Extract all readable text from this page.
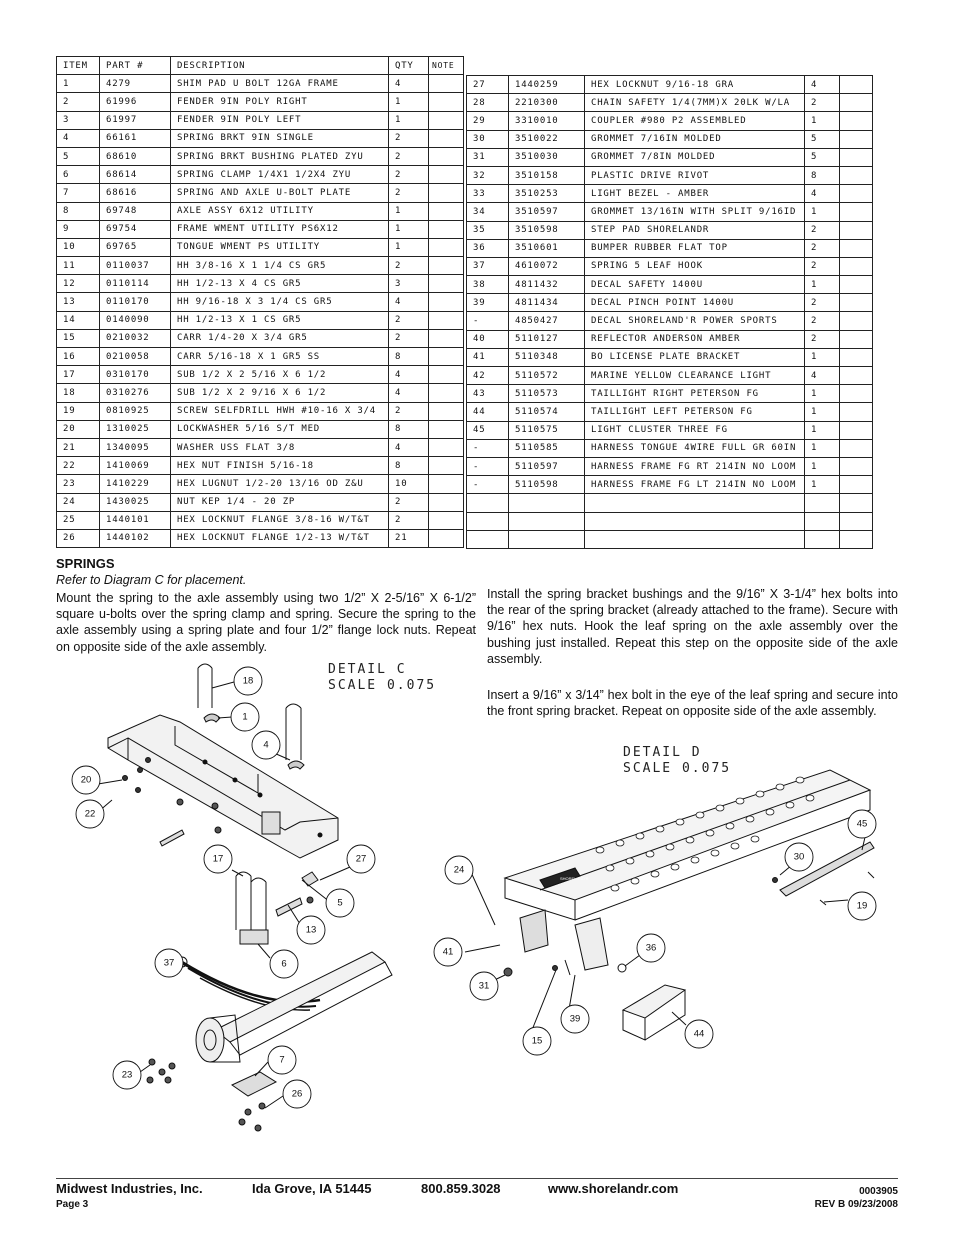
ITEM	PART #	DESCRIPTION	QTY	NOTE
1	4279	SHIM PAD U BOLT 12GA FRAME	4	
2	61996	FENDER 9IN POLY RIGHT	1	
3	61997	FENDER 9IN POLY LEFT	1	
4	66161	SPRING BRKT 9IN SINGLE	2	
5	68610	SPRING BRKT BUSHING PLATED ZYU	2	
6	68614	SPRING CLAMP 1/4X1 1/2X4 ZYU	2	
7	68616	SPRING AND AXLE U-BOLT PLATE	2	
8	69748	AXLE ASSY 6X12 UTILITY	1	
9	69754	FRAME WMENT UTILITY PS6X12	1	
10	69765	TONGUE WMENT PS UTILITY	1	
11	0110037	HH 3/8-16 X 1 1/4 CS GR5	2	
12	0110114	HH 1/2-13 X 4 CS GR5	3	
13	0110170	HH 9/16-18 X 3 1/4 CS GR5	4	
14	0140090	HH 1/2-13 X 1 CS GR5	2	
15	0210032	CARR 1/4-20 X 3/4 GR5	2	
16	0210058	CARR 5/16-18 X 1 GR5 SS	8	
17	0310170	SUB 1/2 X 2 5/16 X 6 1/2	4	
18	0310276	SUB 1/2 X 2 9/16 X 6 1/2	4	
19	0810925	SCREW SELFDRILL HWH #10-16 X 3/4	2	
20	1310025	LOCKWASHER 5/16 S/T MED	8	
21	1340095	WASHER USS FLAT 3/8	4	
22	1410069	HEX NUT FINISH 5/16-18	8	
23	1410229	HEX LUGNUT 1/2-20 13/16 OD Z&U	10	
24	1430025	NUT KEP 1/4 - 20 ZP	2	
25	1440101	HEX LOCKNUT FLANGE 3/8-16 W/T&T	2	
26	1440102	HEX LOCKNUT FLANGE 1/2-13 W/T&T	21	
27	1440259	HEX LOCKNUT 9/16-18 GRA	4	
28	2210300	CHAIN SAFETY 1/4(7MM)X 20LK W/LA	2	
29	3310010	COUPLER #980 P2 ASSEMBLED	1	
30	3510022	GROMMET 7/16IN MOLDED	5	
31	3510030	GROMMET 7/8IN MOLDED	5	
32	3510158	PLASTIC DRIVE RIVOT	8	
33	3510253	LIGHT BEZEL - AMBER	4	
34	3510597	GROMMET 13/16IN WITH SPLIT 9/16ID	1	
35	3510598	STEP PAD SHORELANDR	2	
36	3510601	BUMPER RUBBER FLAT TOP	2	
37	4610072	SPRING 5 LEAF HOOK	2	
38	4811432	DECAL SAFETY 1400U	1	
39	4811434	DECAL PINCH POINT 1400U	2	
-	4850427	DECAL SHORELAND'R POWER SPORTS	2	
40	5110127	REFLECTOR ANDERSON AMBER	2	
41	5110348	BO LICENSE PLATE BRACKET	1	
42	5110572	MARINE YELLOW CLEARANCE LIGHT	4	
43	5110573	TAILLIGHT RIGHT PETERSON FG	1	
44	5110574	TAILLIGHT LEFT PETERSON FG	1	
45	5110575	LIGHT CLUSTER THREE FG	1	
-	5110585	HARNESS TONGUE 4WIRE FULL GR 60IN	1	
-	5110597	HARNESS FRAME FG RT 214IN NO LOOM	1	
-	5110598	HARNESS FRAME FG LT 214IN NO LOOM	1	

SPRINGS
Refer to Diagram C for placement.
Mount the spring to the axle assembly using two 1/2” X 2-5/16” X 6-1/2” square u-bolts over the spring clamp and spring. Secure the spring to the axle assembly using a spring plate and four 1/2” flange lock nuts. Repeat on opposite side of the axle assembly.
Install the spring bracket bushings and the 9/16” X 3-1/4” hex bolts into the rear of the spring bracket (already attached to the frame). Secure with 9/16” hex nuts. Hook the leaf spring on the axle assembly over the bushing just installed. Repeat this step on the opposite side of the axle assembly.
Insert a 9/16” x 3/14” hex bolt in the eye of the leaf spring and secure into the front spring bracket. Repeat on opposite side of the axle assembly.
DETAIL C
SCALE 0.075
DETAIL D
SCALE 0.075
18
1
4
20
22
17	27
5
13
6
37
7
23
26
SHORELAND'R
45
30
19
24
41	36
31
39
15
44
Midwest Industries, Inc.	Ida Grove, IA 51445	800.859.3028	www.shorelandr.com
Page 3
0003905
REV B 09/23/2008
